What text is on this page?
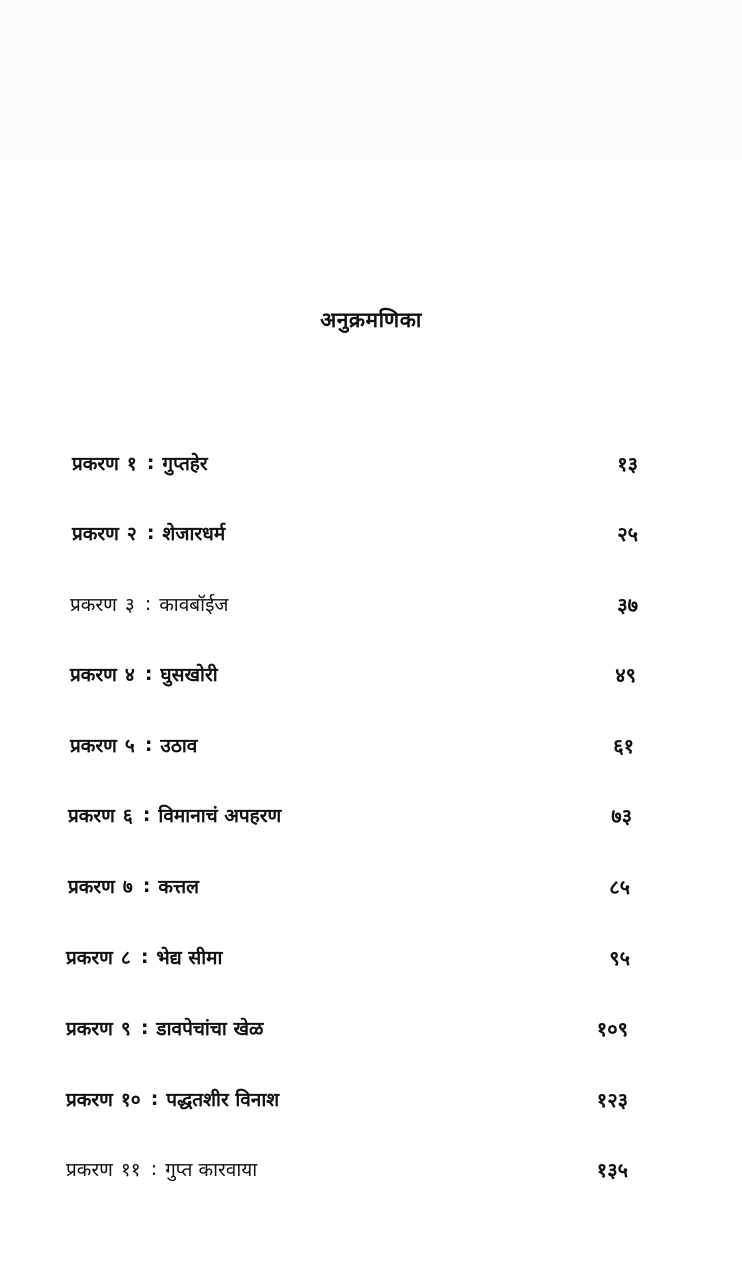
अनुक्रमणिका
प्रकरण १ : गुप्तहेर	१३
प्रकरण २ : शेजारधर्म	२५
प्रकरण ३ : कावबॉईज	३७
प्रकरण ४ : घुसखोरी	४९
प्रकरण ५ : उठाव	६१
प्रकरण ६ : विमानाचं अपहरण	७३
प्रकरण ७ : कत्तल	८५
प्रकरण ८ : भेद्य सीमा	९५
प्रकरण ९ : डावपेचांचा खेळ	१०९
प्रकरण १० : पद्धतशीर विनाश	१२३
प्रकरण ११ : गुप्त कारवाया	१३५
